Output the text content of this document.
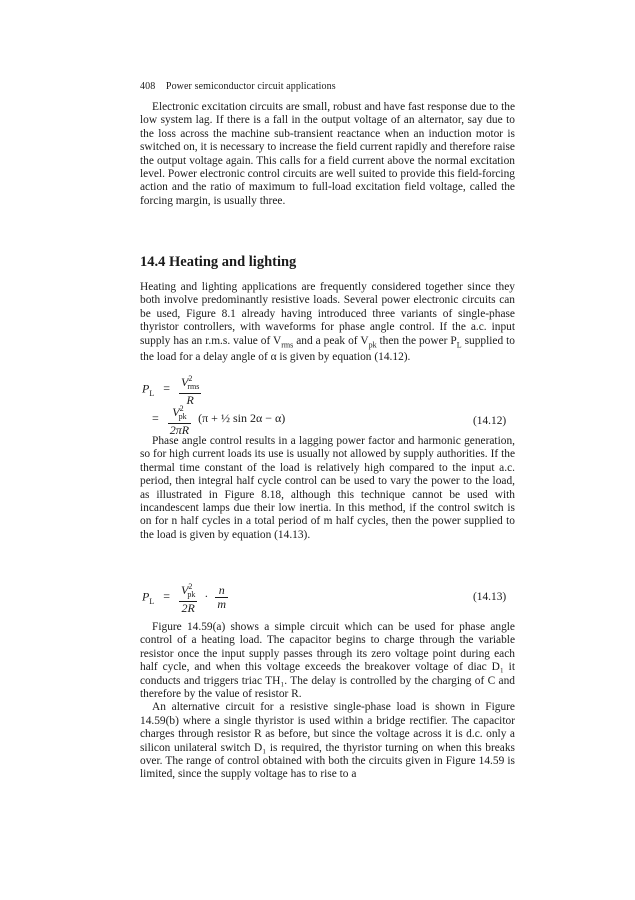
408 Power semiconductor circuit applications

Electronic excitation circuits are small, robust and have fast response due to the low system lag. If there is a fall in the output voltage of an alternator, say due to the loss across the machine sub-transient reactance when an induction motor is switched on, it is necessary to increase the field current rapidly and therefore raise the output voltage again. This calls for a field current above the normal excitation level. Power electronic control circuits are well suited to provide this field-forcing action and the ratio of maximum to full-load excitation field voltage, called the forcing margin, is usually three.

14.4 Heating and lighting

Heating and lighting applications are frequently considered together since they both involve predominantly resistive loads. Several power electronic circuits can be used, Figure 8.1 already having introduced three variants of single-phase thyristor controllers, with waveforms for phase angle control. If the a.c. input supply has an r.m.s. value of $V_{rms}$ and a peak of $V_{pk}$ then the power $P_L$ supplied to the load for a delay angle of α is given by equation (14.12).

$P_L = \frac{V^2_{rms}}{R}$
= $\frac{V^2_{pk}}{2\pi R} (\pi$ + ½ sin 2α − α)	(14.12)

Phase angle control results in a lagging power factor and harmonic generation, so for high current loads its use is usually not allowed by supply authorities. If the thermal time constant of the load is relatively high compared to the input a.c. period, then integral half cycle control can be used to vary the power to the load, as illustrated in Figure 8.18, although this technique cannot be used with incandescent lamps due their low inertia. In this method, if the control switch is on for n half cycles in a total period of m half cycles, then the power supplied to the load is given by equation (14.13).

$P_L = \frac{V^2_{pk}}{2R} \cdot \frac{n}{m}$	(14.13)

Figure 14.59(a) shows a simple circuit which can be used for phase angle control of a heating load. The capacitor begins to charge through the variable resistor once the input supply passes through its zero voltage point during each half cycle, and when this voltage exceeds the breakover voltage of diac D₁ it conducts and triggers triac TH₁. The delay is controlled by the charging of C and therefore by the value of resistor R.

An alternative circuit for a resistive single-phase load is shown in Figure 14.59(b) where a single thyristor is used within a bridge rectifier. The capacitor charges through resistor R as before, but since the voltage across it is d.c. only a silicon unilateral switch D₁ is required, the thyristor turning on when this breaks over. The range of control obtained with both the circuits given in Figure 14.59 is limited, since the supply voltage has to rise to a
